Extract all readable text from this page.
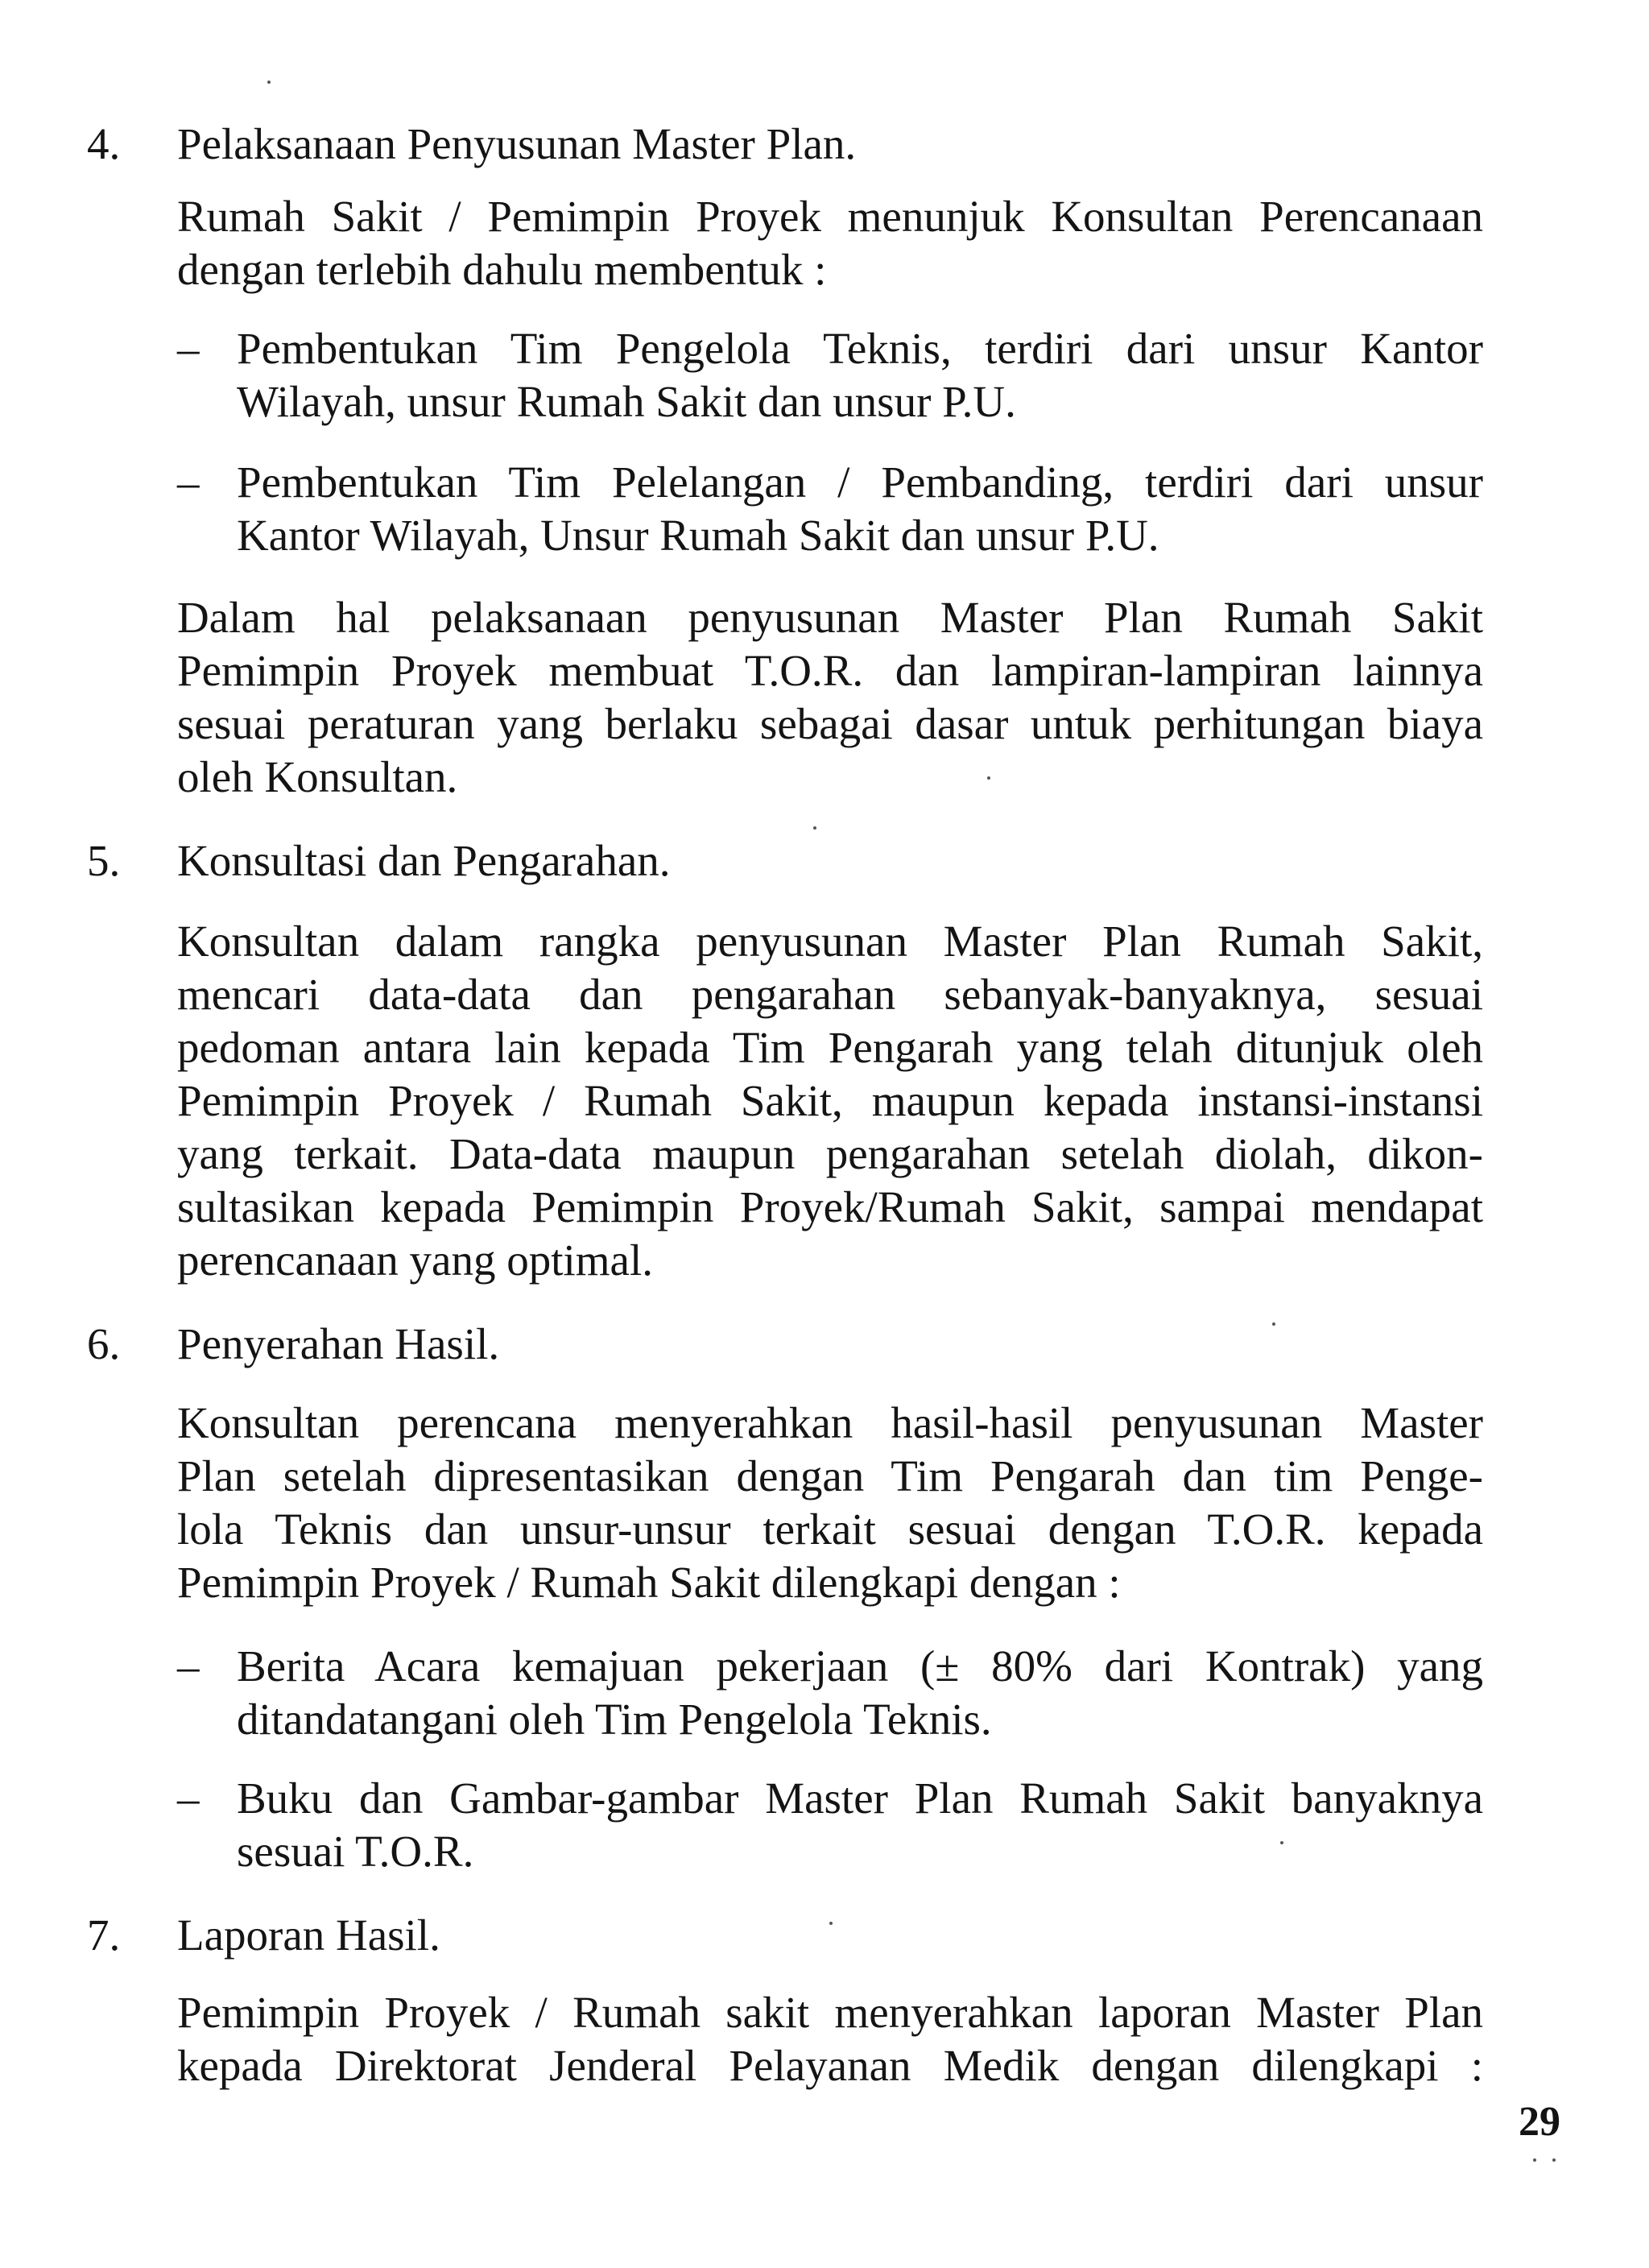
4. Pelaksanaan Penyusunan Master Plan.
Rumah Sakit / Pemimpin Proyek menunjuk Konsultan Perencanaan
dengan terlebih dahulu membentuk :
– Pembentukan Tim Pengelola Teknis, terdiri dari unsur Kantor
Wilayah, unsur Rumah Sakit dan unsur P.U.
– Pembentukan Tim Pelelangan / Pembanding, terdiri dari unsur
Kantor Wilayah, Unsur Rumah Sakit dan unsur P.U.
Dalam hal pelaksanaan penyusunan Master Plan Rumah Sakit
Pemimpin Proyek membuat T.O.R. dan lampiran-lampiran lainnya
sesuai peraturan yang berlaku sebagai dasar untuk perhitungan biaya
oleh Konsultan.
5. Konsultasi dan Pengarahan.
Konsultan dalam rangka penyusunan Master Plan Rumah Sakit,
mencari data-data dan pengarahan sebanyak-banyaknya, sesuai
pedoman antara lain kepada Tim Pengarah yang telah ditunjuk oleh
Pemimpin Proyek / Rumah Sakit, maupun kepada instansi-instansi
yang terkait. Data-data maupun pengarahan setelah diolah, dikon-
sultasikan kepada Pemimpin Proyek/Rumah Sakit, sampai mendapat
perencanaan yang optimal.
6. Penyerahan Hasil.
Konsultan perencana menyerahkan hasil-hasil penyusunan Master
Plan setelah dipresentasikan dengan Tim Pengarah dan tim Penge-
lola Teknis dan unsur-unsur terkait sesuai dengan T.O.R. kepada
Pemimpin Proyek / Rumah Sakit dilengkapi dengan :
– Berita Acara kemajuan pekerjaan (± 80% dari Kontrak) yang
ditandatangani oleh Tim Pengelola Teknis.
– Buku dan Gambar-gambar Master Plan Rumah Sakit banyaknya
sesuai T.O.R.
7. Laporan Hasil.
Pemimpin Proyek / Rumah sakit menyerahkan laporan Master Plan
kepada Direktorat Jenderal Pelayanan Medik dengan dilengkapi :
29
